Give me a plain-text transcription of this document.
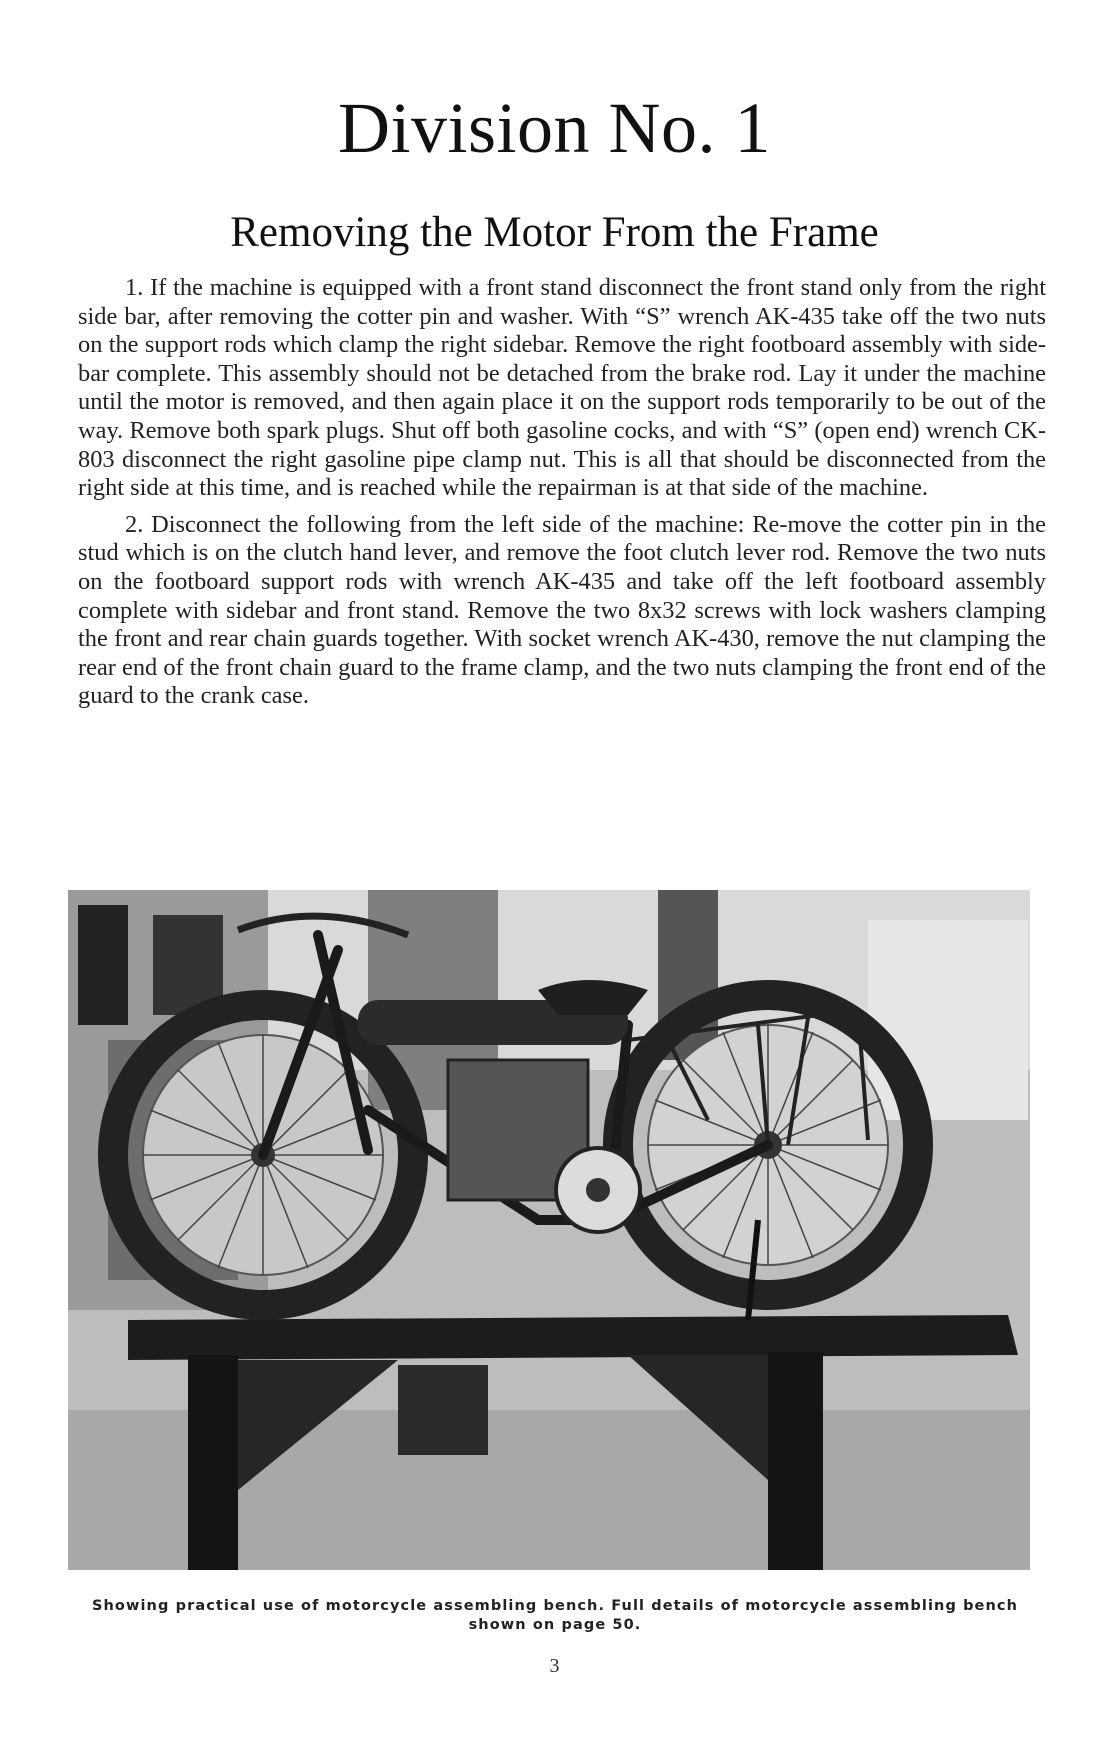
Division No. 1
Removing the Motor From the Frame

1. If the machine is equipped with a front stand disconnect the front stand only from the right side bar, after removing the cotter pin and washer. With “S” wrench AK-435 take off the two nuts on the support rods which clamp the right sidebar. Remove the right footboard assembly with side-bar complete. This assembly should not be detached from the brake rod. Lay it under the machine until the motor is removed, and then again place it on the support rods temporarily to be out of the way. Remove both spark plugs. Shut off both gasoline cocks, and with “S” (open end) wrench CK-803 disconnect the right gasoline pipe clamp nut. This is all that should be disconnected from the right side at this time, and is reached while the repairman is at that side of the machine.

2. Disconnect the following from the left side of the machine: Re-move the cotter pin in the stud which is on the clutch hand lever, and remove the foot clutch lever rod. Remove the two nuts on the footboard support rods with wrench AK-435 and take off the left footboard assembly complete with sidebar and front stand. Remove the two 8x32 screws with lock washers clamping the front and rear chain guards together. With socket wrench AK-430, remove the nut clamping the rear end of the front chain guard to the frame clamp, and the two nuts clamping the front end of the guard to the crank case.

Showing practical use of motorcycle assembling bench. Full details of motorcycle assembling bench shown on page 50.
3
